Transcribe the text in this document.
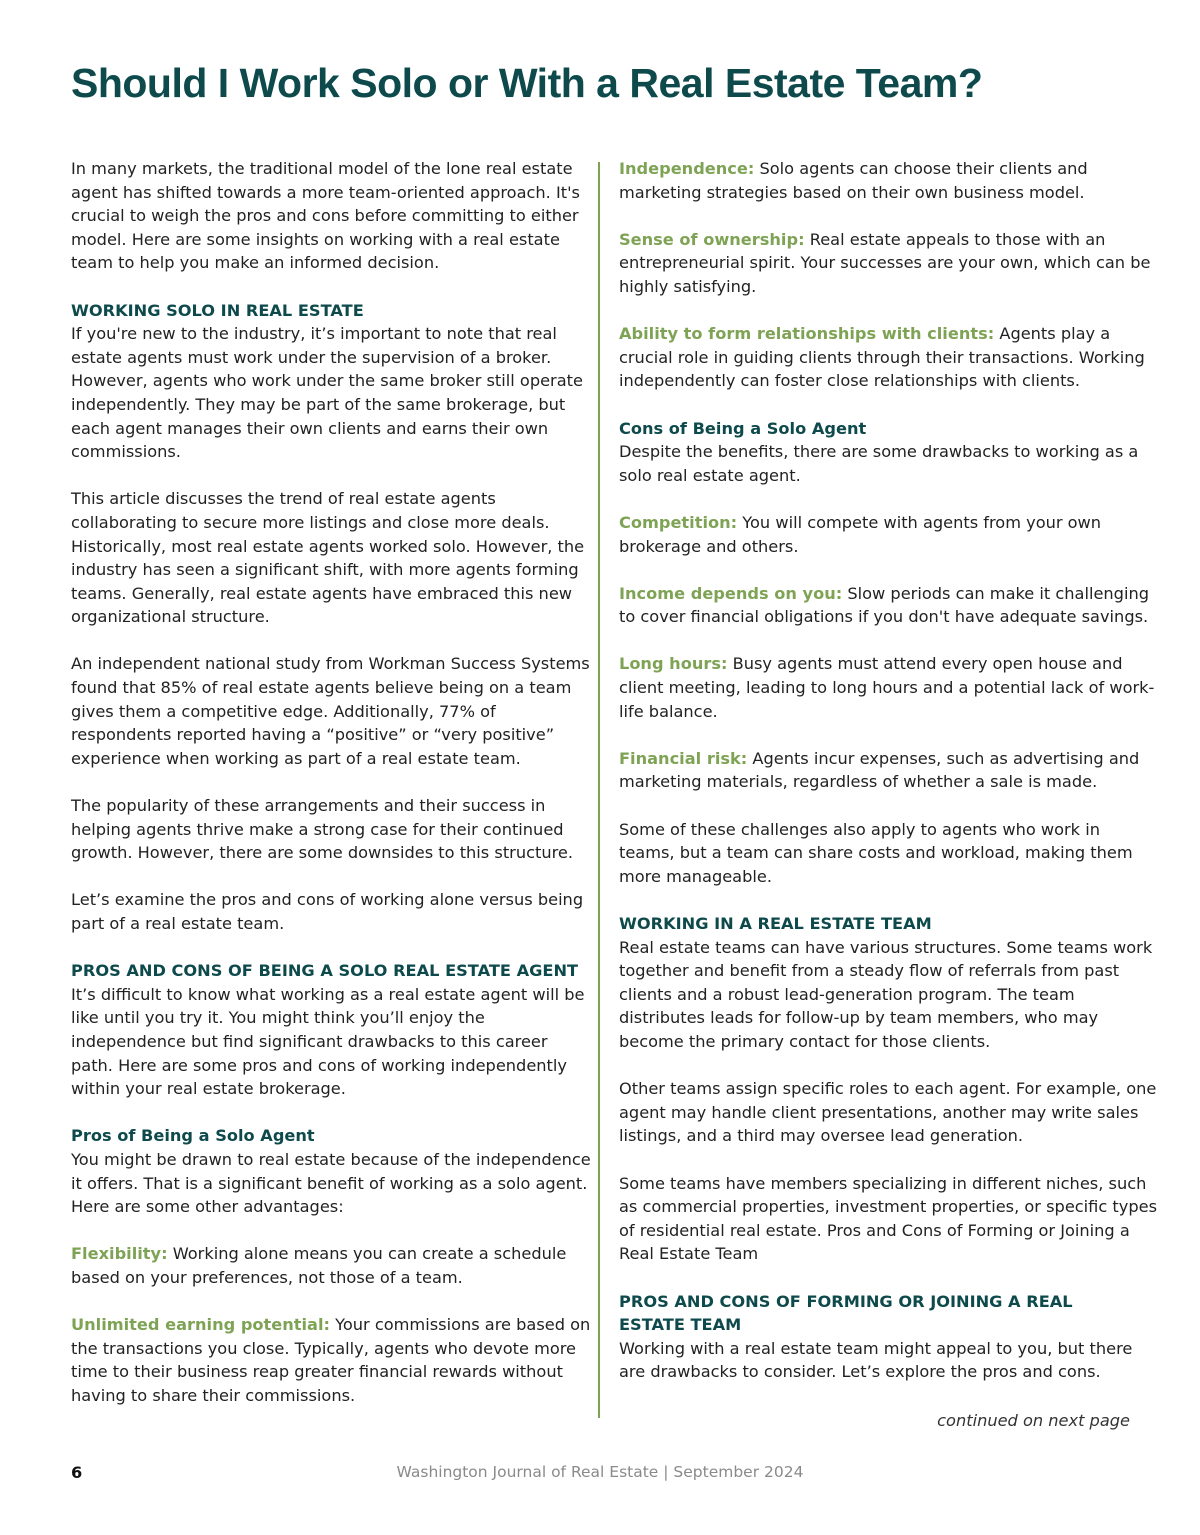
Should I Work Solo or With a Real Estate Team?

In many markets, the traditional model of the lone real estate agent has shifted towards a more team-oriented approach. It's crucial to weigh the pros and cons before committing to either model. Here are some insights on working with a real estate team to help you make an informed decision.

WORKING SOLO IN REAL ESTATE

If you're new to the industry, it’s important to note that real estate agents must work under the supervision of a broker. However, agents who work under the same broker still operate independently. They may be part of the same brokerage, but each agent manages their own clients and earns their own commissions.

This article discusses the trend of real estate agents collaborating to secure more listings and close more deals. Historically, most real estate agents worked solo. However, the industry has seen a significant shift, with more agents forming teams. Generally, real estate agents have embraced this new organizational structure.

An independent national study from Workman Success Systems found that 85% of real estate agents believe being on a team gives them a competitive edge. Additionally, 77% of respondents reported having a “positive” or “very positive” experience when working as part of a real estate team.

The popularity of these arrangements and their success in helping agents thrive make a strong case for their continued growth. However, there are some downsides to this structure.

Let’s examine the pros and cons of working alone versus being part of a real estate team.

PROS AND CONS OF BEING A SOLO REAL ESTATE AGENT

It’s difficult to know what working as a real estate agent will be like until you try it. You might think you’ll enjoy the independence but find significant drawbacks to this career path. Here are some pros and cons of working independently within your real estate brokerage.

Pros of Being a Solo Agent

You might be drawn to real estate because of the independence it offers. That is a significant benefit of working as a solo agent. Here are some other advantages:

Flexibility: Working alone means you can create a schedule based on your preferences, not those of a team.

Unlimited earning potential: Your commissions are based on the transactions you close. Typically, agents who devote more time to their business reap greater financial rewards without having to share their commissions.

Independence: Solo agents can choose their clients and marketing strategies based on their own business model.

Sense of ownership: Real estate appeals to those with an entrepreneurial spirit. Your successes are your own, which can be highly satisfying.

Ability to form relationships with clients: Agents play a crucial role in guiding clients through their transactions. Working independently can foster close relationships with clients.

Cons of Being a Solo Agent

Despite the benefits, there are some drawbacks to working as a solo real estate agent.

Competition: You will compete with agents from your own brokerage and others.

Income depends on you: Slow periods can make it challenging to cover financial obligations if you don't have adequate savings.

Long hours: Busy agents must attend every open house and client meeting, leading to long hours and a potential lack of work-life balance.

Financial risk: Agents incur expenses, such as advertising and marketing materials, regardless of whether a sale is made.

Some of these challenges also apply to agents who work in teams, but a team can share costs and workload, making them more manageable.

WORKING IN A REAL ESTATE TEAM

Real estate teams can have various structures. Some teams work together and benefit from a steady flow of referrals from past clients and a robust lead-generation program. The team distributes leads for follow-up by team members, who may become the primary contact for those clients.

Other teams assign specific roles to each agent. For example, one agent may handle client presentations, another may write sales listings, and a third may oversee lead generation.

Some teams have members specializing in different niches, such as commercial properties, investment properties, or specific types of residential real estate. Pros and Cons of Forming or Joining a Real Estate Team

PROS AND CONS OF FORMING OR JOINING A REAL ESTATE TEAM

Working with a real estate team might appeal to you, but there are drawbacks to consider. Let’s explore the pros and cons.

continued on next page
6	Washington Journal of Real Estate | September 2024
